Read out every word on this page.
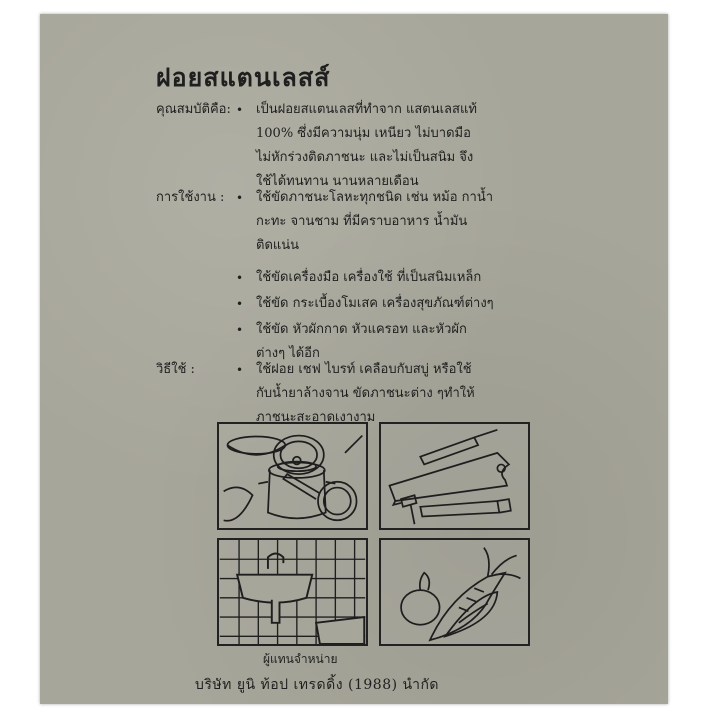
ฝอยสแตนเลสส์
คุณสมบัติคือ: • เป็นฝอยสแตนเลสที่ทำจาก แสตนเลสแท้
100% ซึ่งมีความนุ่ม เหนียว ไม่บาดมือ
ไม่หักร่วงติดภาชนะ และไม่เป็นสนิม จึง
ใช้ได้ทนทาน นานหลายเดือน
การใช้งาน : • ใช้ขัดภาชนะโลหะทุกชนิด เช่น หม้อ กาน้ำ
กะทะ จานชาม ที่มีคราบอาหาร น้ำมัน
ติดแน่น
• ใช้ขัดเครื่องมือ เครื่องใช้ ที่เป็นสนิมเหล็ก
• ใช้ขัด กระเบื้องโมเสค เครื่องสุขภัณฑ์ต่างๆ
• ใช้ขัด หัวผักกาด หัวแครอท และหัวผัก
ต่างๆ ได้อีก
วิธีใช้ :	• ใช้ฝอย เชฟ ไบรท์ เคลือบกับสบู่ หรือใช้
กับน้ำยาล้างจาน ขัดภาชนะต่าง ๆทำให้
ภาชนะสะอาดเงางาม
ผู้แทนจำหน่าย
บริษัท ยูนิ ท้อป เทรดดิ้ง (1988) นำกัด
